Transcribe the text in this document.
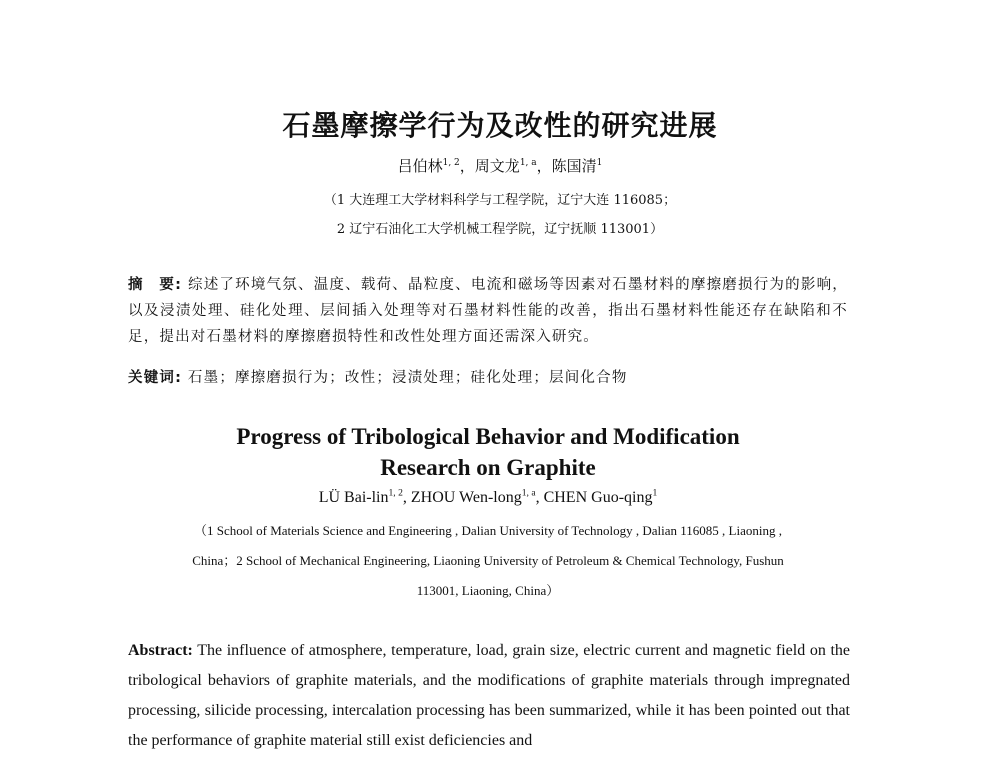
石墨摩擦学行为及改性的研究进展
吕伯林$^{1, 2}$，周文龙$^{1, a}$，陈国清$^1$
（1 大连理工大学材料科学与工程学院，辽宁大连 116085；
2 辽宁石油化工大学机械工程学院，辽宁抚顺 113001）
摘　要: 综述了环境气氛、温度、载荷、晶粒度、电流和磁场等因素对石墨材料的摩擦磨损行为的影响，以及浸渍处理、硅化处理、层间插入处理等对石墨材料性能的改善，指出石墨材料性能还存在缺陷和不足，提出对石墨材料的摩擦磨损特性和改性处理方面还需深入研究。
关键词: 石墨；摩擦磨损行为；改性；浸渍处理；硅化处理；层间化合物
Progress of Tribological Behavior and Modification
Research on Graphite
LÜ Bai-lin$^{1, 2}$, ZHOU Wen-long$^{1, a}$, CHEN Guo-qing$^1$
（1 School of Materials Science and Engineering , Dalian University of Technology , Dalian 116085 , Liaoning ,
China；2 School of Mechanical Engineering, Liaoning University of Petroleum & Chemical Technology, Fushun
113001, Liaoning, China）
Abstract: The influence of atmosphere, temperature, load, grain size, electric current and magnetic field on the tribological behaviors of graphite materials, and the modifications of graphite materials through impregnated processing, silicide processing, intercalation processing has been summarized, while it has been pointed out that the performance of graphite material still exist deficiencies and
